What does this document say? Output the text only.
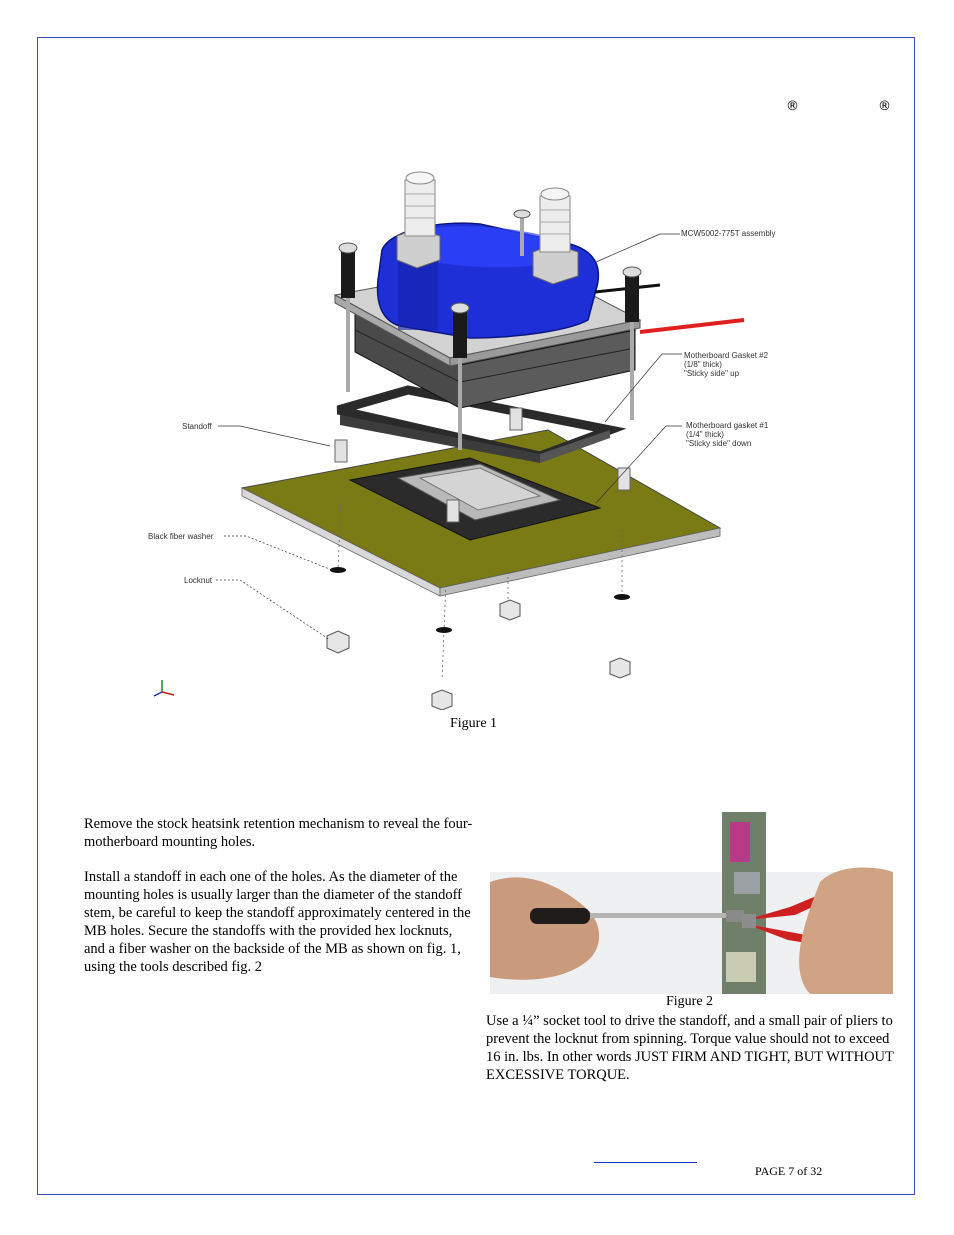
®	®
MCW5002-775T assembly
Motherboard Gasket #2
(1/8" thick)
"Sticky side" up
Motherboard gasket #1
(1/4" thick)
"Sticky side" down
Standoff
Black fiber washer
Locknut
Figure 1

Remove the stock heatsink retention mechanism to reveal the four-motherboard mounting holes.

Install a standoff in each one of the holes. As the diameter of the mounting holes is usually larger than the diameter of the standoff stem, be careful to keep the standoff approximately centered in the MB holes. Secure the standoffs with the provided hex locknuts, and a fiber washer on the backside of the MB as shown on fig. 1, using the tools described fig. 2

Figure 2

Use a ¼” socket tool to drive the standoff, and a small pair of pliers to prevent the locknut from spinning. Torque value should not to exceed 16 in. lbs. In other words JUST FIRM AND TIGHT, BUT WITHOUT EXCESSIVE TORQUE.

PAGE 7 of 32
